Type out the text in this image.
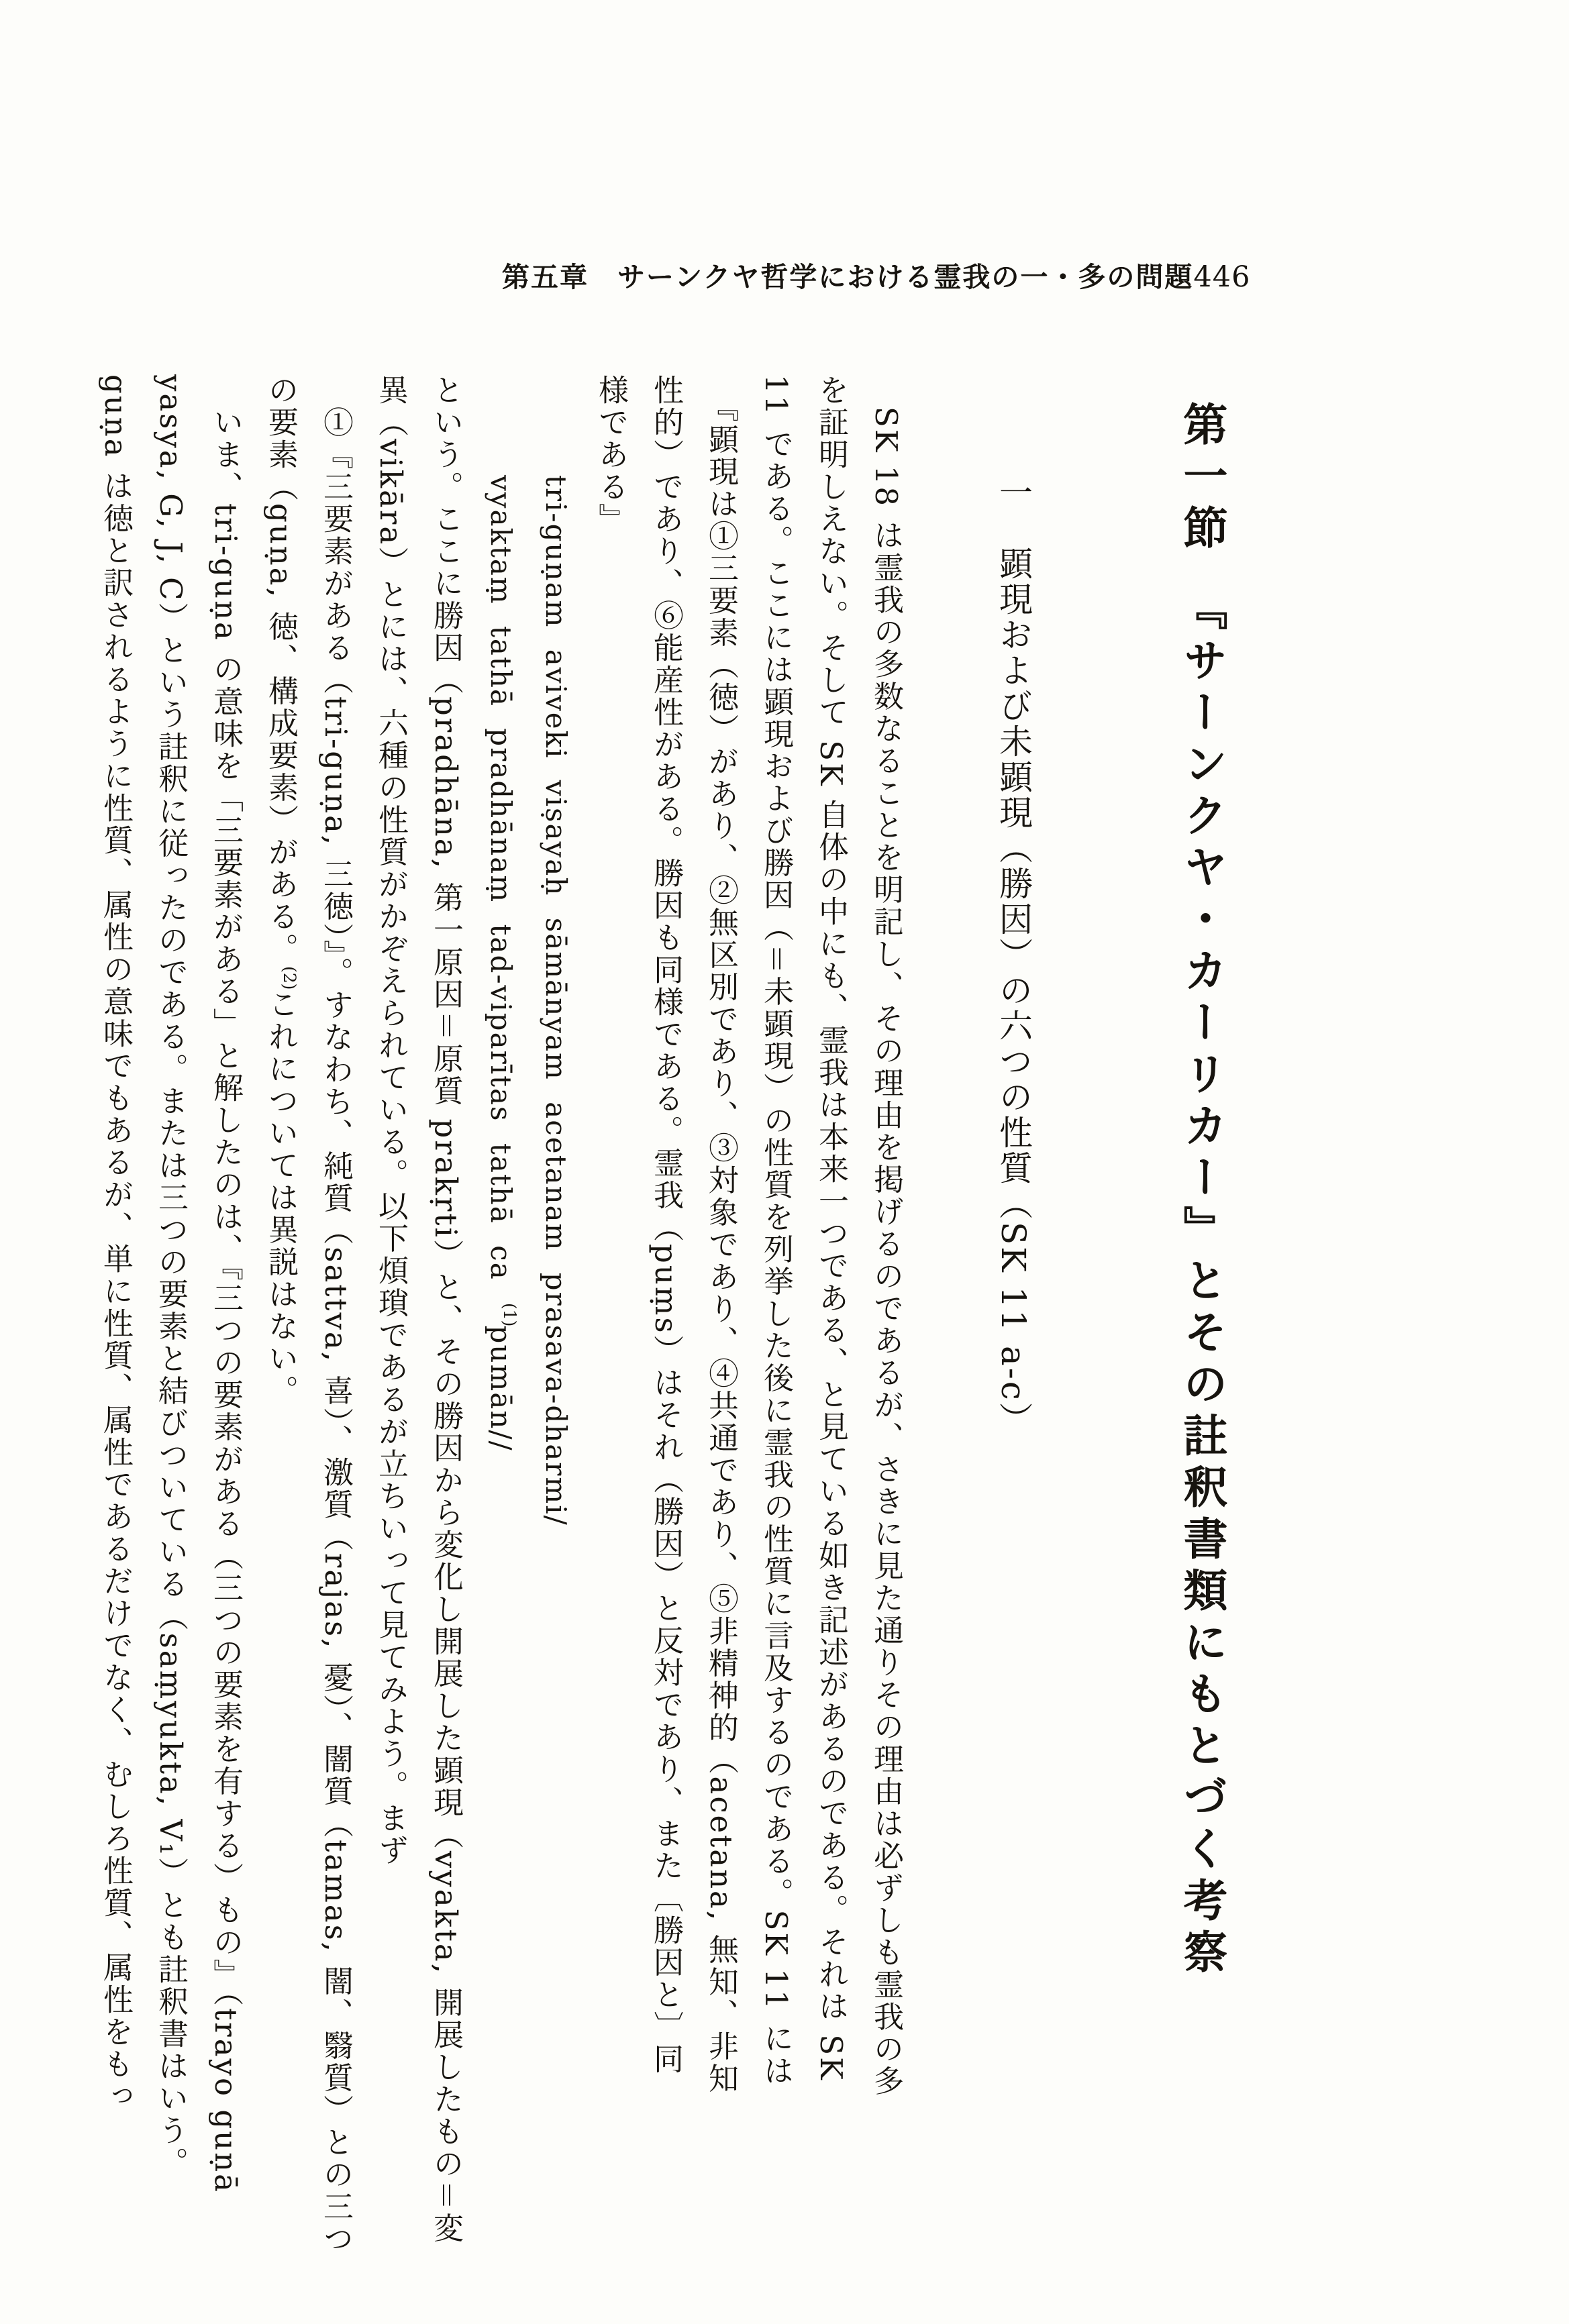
第五章　サーンクヤ哲学における霊我の一・多の問題 446
第一節　『サーンクヤ・カーリカー』とその註釈書類にもとづく考察
一　顕現および未顕現（勝因）の六つの性質（SK 11 a-c）
　SK 18 は霊我の多数なることを明記し、その理由を掲げるのであるが、さきに見た通りその理由は必ずしも霊我の多
を証明しえない。そして SK 自体の中にも、霊我は本来一つである、と見ている如き記述があるのである。それは SK
11 である。ここには顕現および勝因（＝未顕現）の性質を列挙した後に霊我の性質に言及するのである。SK 11 には
　『顕現は①三要素（徳）があり、②無区別であり、③対象であり、④共通であり、⑤非精神的（acetana, 無知、非知
性的）であり、⑥能産性がある。勝因も同様である。霊我（puṃs）はそれ（勝因）と反対であり、また〔勝因と〕同
様である』
tri-guṇam aviveki viṣayaḥ sāmānyam acetanam prasava-dharmi/
vyaktaṃ tathā pradhānaṃ tad-viparītas tathā ca (1)pumān//
という。ここに勝因（pradhāna, 第一原因＝原質 prakṛti）と、その勝因から変化し開展した顕現（vyakta, 開展したもの＝変
異（vikāra）とには、六種の性質がかぞえられている。以下煩瑣であるが立ちいって見てみよう。まず
　①『三要素がある（tri-guṇa, 三徳）』。すなわち、純質（sattva, 喜）、激質（rajas, 憂）、闇質（tamas, 闇、翳質）との三つ
の要素（guṇa, 徳、構成要素）がある。(2)これについては異説はない。
　いま、tri-guṇa の意味を「三要素がある」と解したのは、『三つの要素がある（三つの要素を有する）もの』（trayo guṇā
yasya, G, J, C）という註釈に従ったのである。または三つの要素と結びついている（saṃyukta, V₁）とも註釈書はいう。
guṇa は徳と訳されるように性質、属性の意味でもあるが、単に性質、属性であるだけでなく、むしろ性質、属性をもっ
